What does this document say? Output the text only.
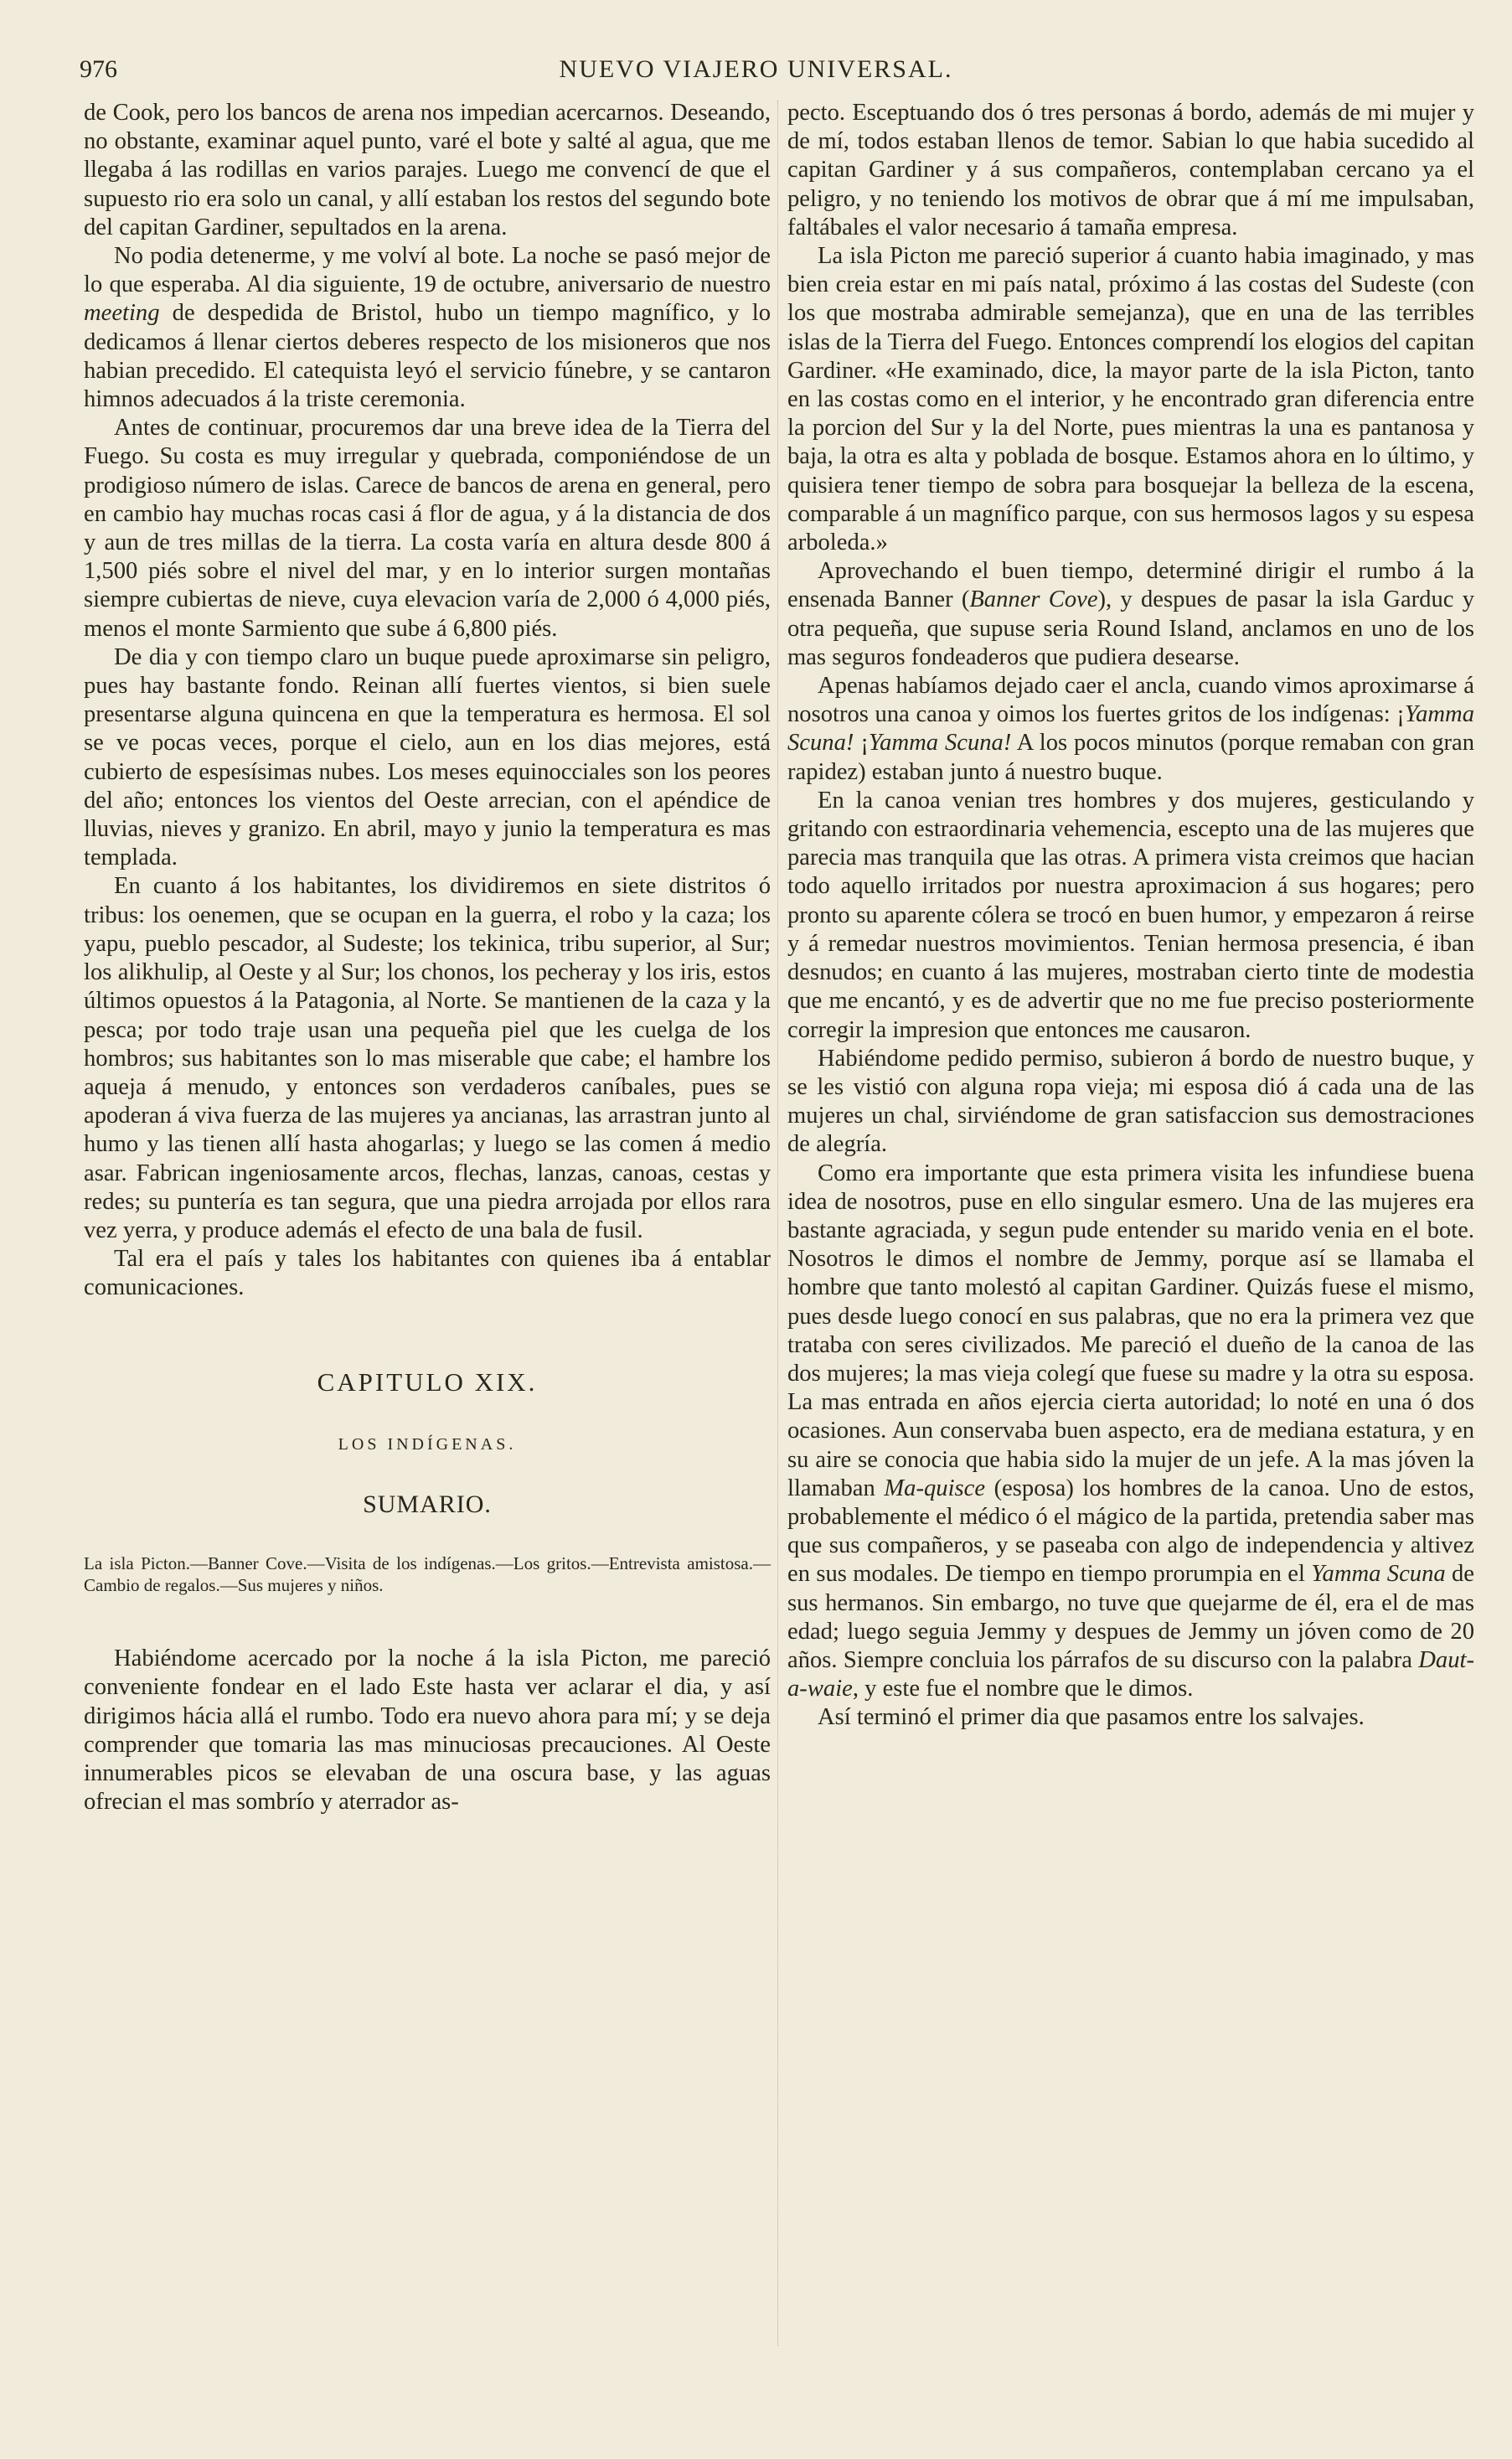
976	NUEVO VIAJERO UNIVERSAL.

de Cook, pero los bancos de arena nos impedian acercarnos. Deseando, no obstante, examinar aquel punto, varé el bote y salté al agua, que me llegaba á las rodillas en varios parajes. Luego me convencí de que el supuesto rio era solo un canal, y allí estaban los restos del segundo bote del capitan Gardiner, sepultados en la arena.

No podia detenerme, y me volví al bote. La noche se pasó mejor de lo que esperaba. Al dia siguiente, 19 de octubre, aniversario de nuestro meeting de despedida de Bristol, hubo un tiempo magnífico, y lo dedicamos á llenar ciertos deberes respecto de los misioneros que nos habian precedido. El catequista leyó el servicio fúnebre, y se cantaron himnos adecuados á la triste ceremonia.

Antes de continuar, procuremos dar una breve idea de la Tierra del Fuego. Su costa es muy irregular y quebrada, componiéndose de un prodigioso número de islas. Carece de bancos de arena en general, pero en cambio hay muchas rocas casi á flor de agua, y á la distancia de dos y aun de tres millas de la tierra. La costa varía en altura desde 800 á 1,500 piés sobre el nivel del mar, y en lo interior surgen montañas siempre cubiertas de nieve, cuya elevacion varía de 2,000 ó 4,000 piés, menos el monte Sarmiento que sube á 6,800 piés.

De dia y con tiempo claro un buque puede aproximarse sin peligro, pues hay bastante fondo. Reinan allí fuertes vientos, si bien suele presentarse alguna quincena en que la temperatura es hermosa. El sol se ve pocas veces, porque el cielo, aun en los dias mejores, está cubierto de espesísimas nubes. Los meses equinocciales son los peores del año; entonces los vientos del Oeste arrecian, con el apéndice de lluvias, nieves y granizo. En abril, mayo y junio la temperatura es mas templada.

En cuanto á los habitantes, los dividiremos en siete distritos ó tribus: los oenemen, que se ocupan en la guerra, el robo y la caza; los yapu, pueblo pescador, al Sudeste; los tekinica, tribu superior, al Sur; los alikhulip, al Oeste y al Sur; los chonos, los pecheray y los iris, estos últimos opuestos á la Patagonia, al Norte. Se mantienen de la caza y la pesca; por todo traje usan una pequeña piel que les cuelga de los hombros; sus habitantes son lo mas miserable que cabe; el hambre los aqueja á menudo, y entonces son verdaderos caníbales, pues se apoderan á viva fuerza de las mujeres ya ancianas, las arrastran junto al humo y las tienen allí hasta ahogarlas; y luego se las comen á medio asar. Fabrican ingeniosamente arcos, flechas, lanzas, canoas, cestas y redes; su puntería es tan segura, que una piedra arrojada por ellos rara vez yerra, y produce además el efecto de una bala de fusil.

Tal era el país y tales los habitantes con quienes iba á entablar comunicaciones.

CAPITULO XIX.
LOS INDÍGENAS.
SUMARIO.
La isla Picton.—Banner Cove.—Visita de los indígenas.—Los gritos.—Entrevista amistosa.—Cambio de regalos.—Sus mujeres y niños.

Habiéndome acercado por la noche á la isla Picton, me pareció conveniente fondear en el lado Este hasta ver aclarar el dia, y así dirigimos hácia allá el rumbo. Todo era nuevo ahora para mí; y se deja comprender que tomaria las mas minuciosas precauciones. Al Oeste innumerables picos se elevaban de una oscura base, y las aguas ofrecian el mas sombrío y aterrador as-

pecto. Esceptuando dos ó tres personas á bordo, además de mi mujer y de mí, todos estaban llenos de temor. Sabian lo que habia sucedido al capitan Gardiner y á sus compañeros, contemplaban cercano ya el peligro, y no teniendo los motivos de obrar que á mí me impulsaban, faltábales el valor necesario á tamaña empresa.

La isla Picton me pareció superior á cuanto habia imaginado, y mas bien creia estar en mi país natal, próximo á las costas del Sudeste (con los que mostraba admirable semejanza), que en una de las terribles islas de la Tierra del Fuego. Entonces comprendí los elogios del capitan Gardiner. «He examinado, dice, la mayor parte de la isla Picton, tanto en las costas como en el interior, y he encontrado gran diferencia entre la porcion del Sur y la del Norte, pues mientras la una es pantanosa y baja, la otra es alta y poblada de bosque. Estamos ahora en lo último, y quisiera tener tiempo de sobra para bosquejar la belleza de la escena, comparable á un magnífico parque, con sus hermosos lagos y su espesa arboleda.»

Aprovechando el buen tiempo, determiné dirigir el rumbo á la ensenada Banner (Banner Cove), y despues de pasar la isla Garduc y otra pequeña, que supuse seria Round Island, anclamos en uno de los mas seguros fondeaderos que pudiera desearse.

Apenas habíamos dejado caer el ancla, cuando vimos aproximarse á nosotros una canoa y oimos los fuertes gritos de los indígenas: ¡Yamma Scuna! ¡Yamma Scuna! A los pocos minutos (porque remaban con gran rapidez) estaban junto á nuestro buque.

En la canoa venian tres hombres y dos mujeres, gesticulando y gritando con estraordinaria vehemencia, escepto una de las mujeres que parecia mas tranquila que las otras. A primera vista creimos que hacian todo aquello irritados por nuestra aproximacion á sus hogares; pero pronto su aparente cólera se trocó en buen humor, y empezaron á reirse y á remedar nuestros movimientos. Tenian hermosa presencia, é iban desnudos; en cuanto á las mujeres, mostraban cierto tinte de modestia que me encantó, y es de advertir que no me fue preciso posteriormente corregir la impresion que entonces me causaron.

Habiéndome pedido permiso, subieron á bordo de nuestro buque, y se les vistió con alguna ropa vieja; mi esposa dió á cada una de las mujeres un chal, sirviéndome de gran satisfaccion sus demostraciones de alegría.

Como era importante que esta primera visita les infundiese buena idea de nosotros, puse en ello singular esmero. Una de las mujeres era bastante agraciada, y segun pude entender su marido venia en el bote. Nosotros le dimos el nombre de Jemmy, porque así se llamaba el hombre que tanto molestó al capitan Gardiner. Quizás fuese el mismo, pues desde luego conocí en sus palabras, que no era la primera vez que trataba con seres civilizados. Me pareció el dueño de la canoa de las dos mujeres; la mas vieja colegí que fuese su madre y la otra su esposa. La mas entrada en años ejercia cierta autoridad; lo noté en una ó dos ocasiones. Aun conservaba buen aspecto, era de mediana estatura, y en su aire se conocia que habia sido la mujer de un jefe. A la mas jóven la llamaban Ma-quisce (esposa) los hombres de la canoa. Uno de estos, probablemente el médico ó el mágico de la partida, pretendia saber mas que sus compañeros, y se paseaba con algo de independencia y altivez en sus modales. De tiempo en tiempo prorumpia en el Yamma Scuna de sus hermanos. Sin embargo, no tuve que quejarme de él, era el de mas edad; luego seguia Jemmy y despues de Jemmy un jóven como de 20 años. Siempre concluia los párrafos de su discurso con la palabra Daut-a-waie, y este fue el nombre que le dimos.

Así terminó el primer dia que pasamos entre los salvajes.
